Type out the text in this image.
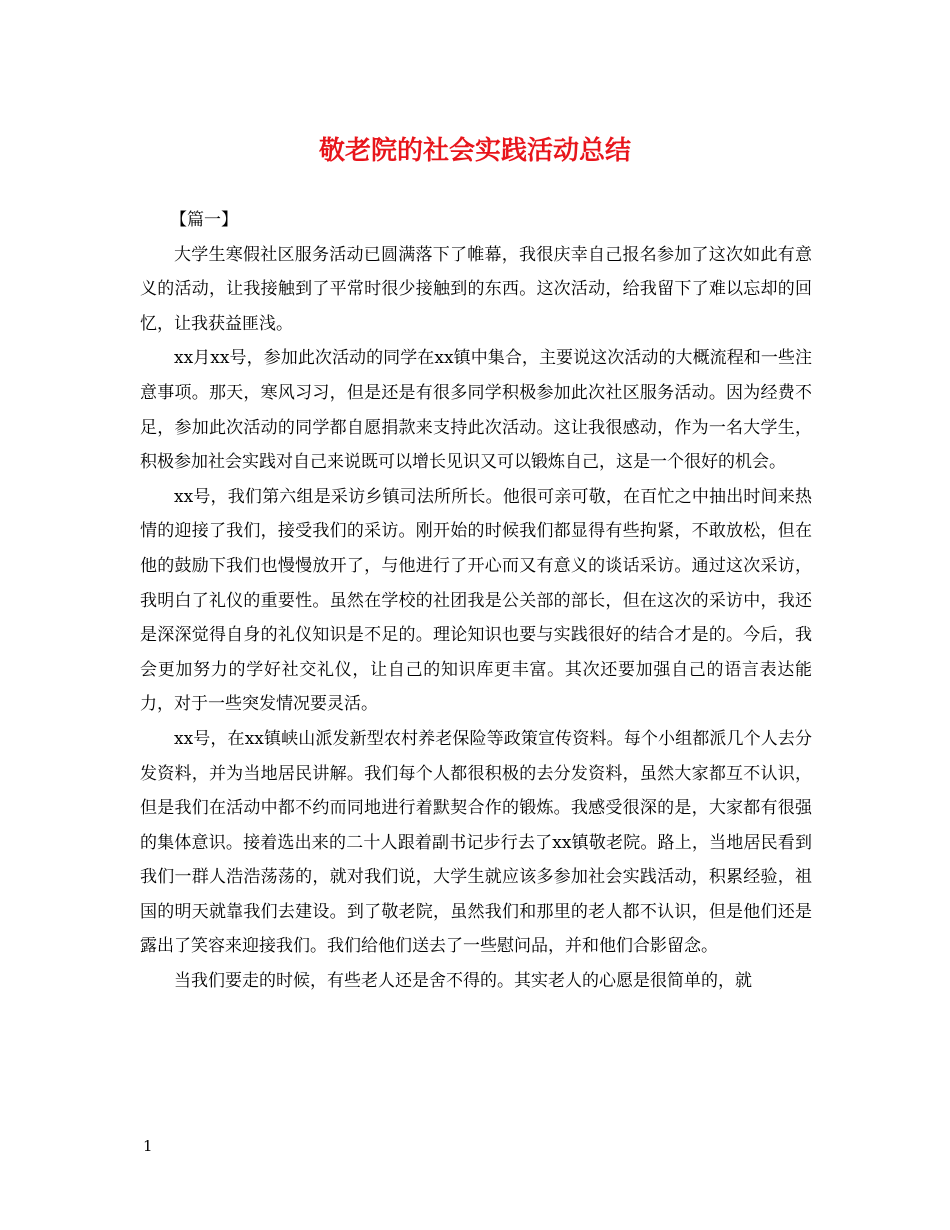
敬老院的社会实践活动总结

【篇一】

大学生寒假社区服务活动已圆满落下了帷幕，我很庆幸自己报名参加了这次如此有意义的活动，让我接触到了平常时很少接触到的东西。这次活动，给我留下了难以忘却的回忆，让我获益匪浅。

xx月xx号，参加此次活动的同学在xx镇中集合，主要说这次活动的大概流程和一些注意事项。那天，寒风习习，但是还是有很多同学积极参加此次社区服务活动。因为经费不足，参加此次活动的同学都自愿捐款来支持此次活动。这让我很感动，作为一名大学生，积极参加社会实践对自己来说既可以增长见识又可以锻炼自己，这是一个很好的机会。

xx号，我们第六组是采访乡镇司法所所长。他很可亲可敬，在百忙之中抽出时间来热情的迎接了我们，接受我们的采访。刚开始的时候我们都显得有些拘紧，不敢放松，但在他的鼓励下我们也慢慢放开了，与他进行了开心而又有意义的谈话采访。通过这次采访，我明白了礼仪的重要性。虽然在学校的社团我是公关部的部长，但在这次的采访中，我还是深深觉得自身的礼仪知识是不足的。理论知识也要与实践很好的结合才是的。今后，我会更加努力的学好社交礼仪，让自己的知识库更丰富。其次还要加强自己的语言表达能力，对于一些突发情况要灵活。

xx号，在xx镇峡山派发新型农村养老保险等政策宣传资料。每个小组都派几个人去分发资料，并为当地居民讲解。我们每个人都很积极的去分发资料，虽然大家都互不认识，但是我们在活动中都不约而同地进行着默契合作的锻炼。我感受很深的是，大家都有很强的集体意识。接着选出来的二十人跟着副书记步行去了xx镇敬老院。路上，当地居民看到我们一群人浩浩荡荡的，就对我们说，大学生就应该多参加社会实践活动，积累经验，祖国的明天就靠我们去建设。到了敬老院，虽然我们和那里的老人都不认识，但是他们还是露出了笑容来迎接我们。我们给他们送去了一些慰问品，并和他们合影留念。

当我们要走的时候，有些老人还是舍不得的。其实老人的心愿是很简单的，就

1
